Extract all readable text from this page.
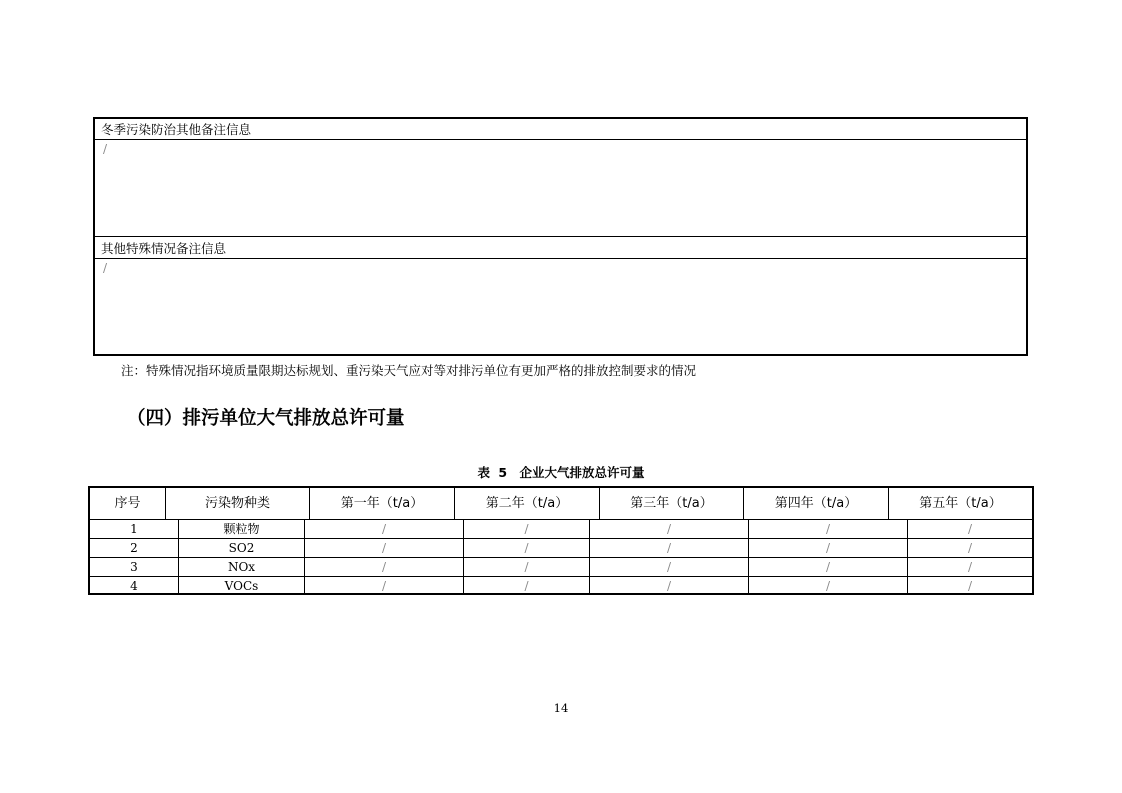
冬季污染防治其他备注信息
/
其他特殊情况备注信息
/
注：特殊情况指环境质量限期达标规划、重污染天气应对等对排污单位有更加严格的排放控制要求的情况
（四）排污单位大气排放总许可量
表 5　企业大气排放总许可量
序号	污染物种类	第一年（t/a）	第二年（t/a）	第三年（t/a）	第四年（t/a）	第五年（t/a）
1	颗粒物	/	/	/	/	/
2	SO2	/	/	/	/	/
3	NOx	/	/	/	/	/
4	VOCs	/	/	/	/	/
14
